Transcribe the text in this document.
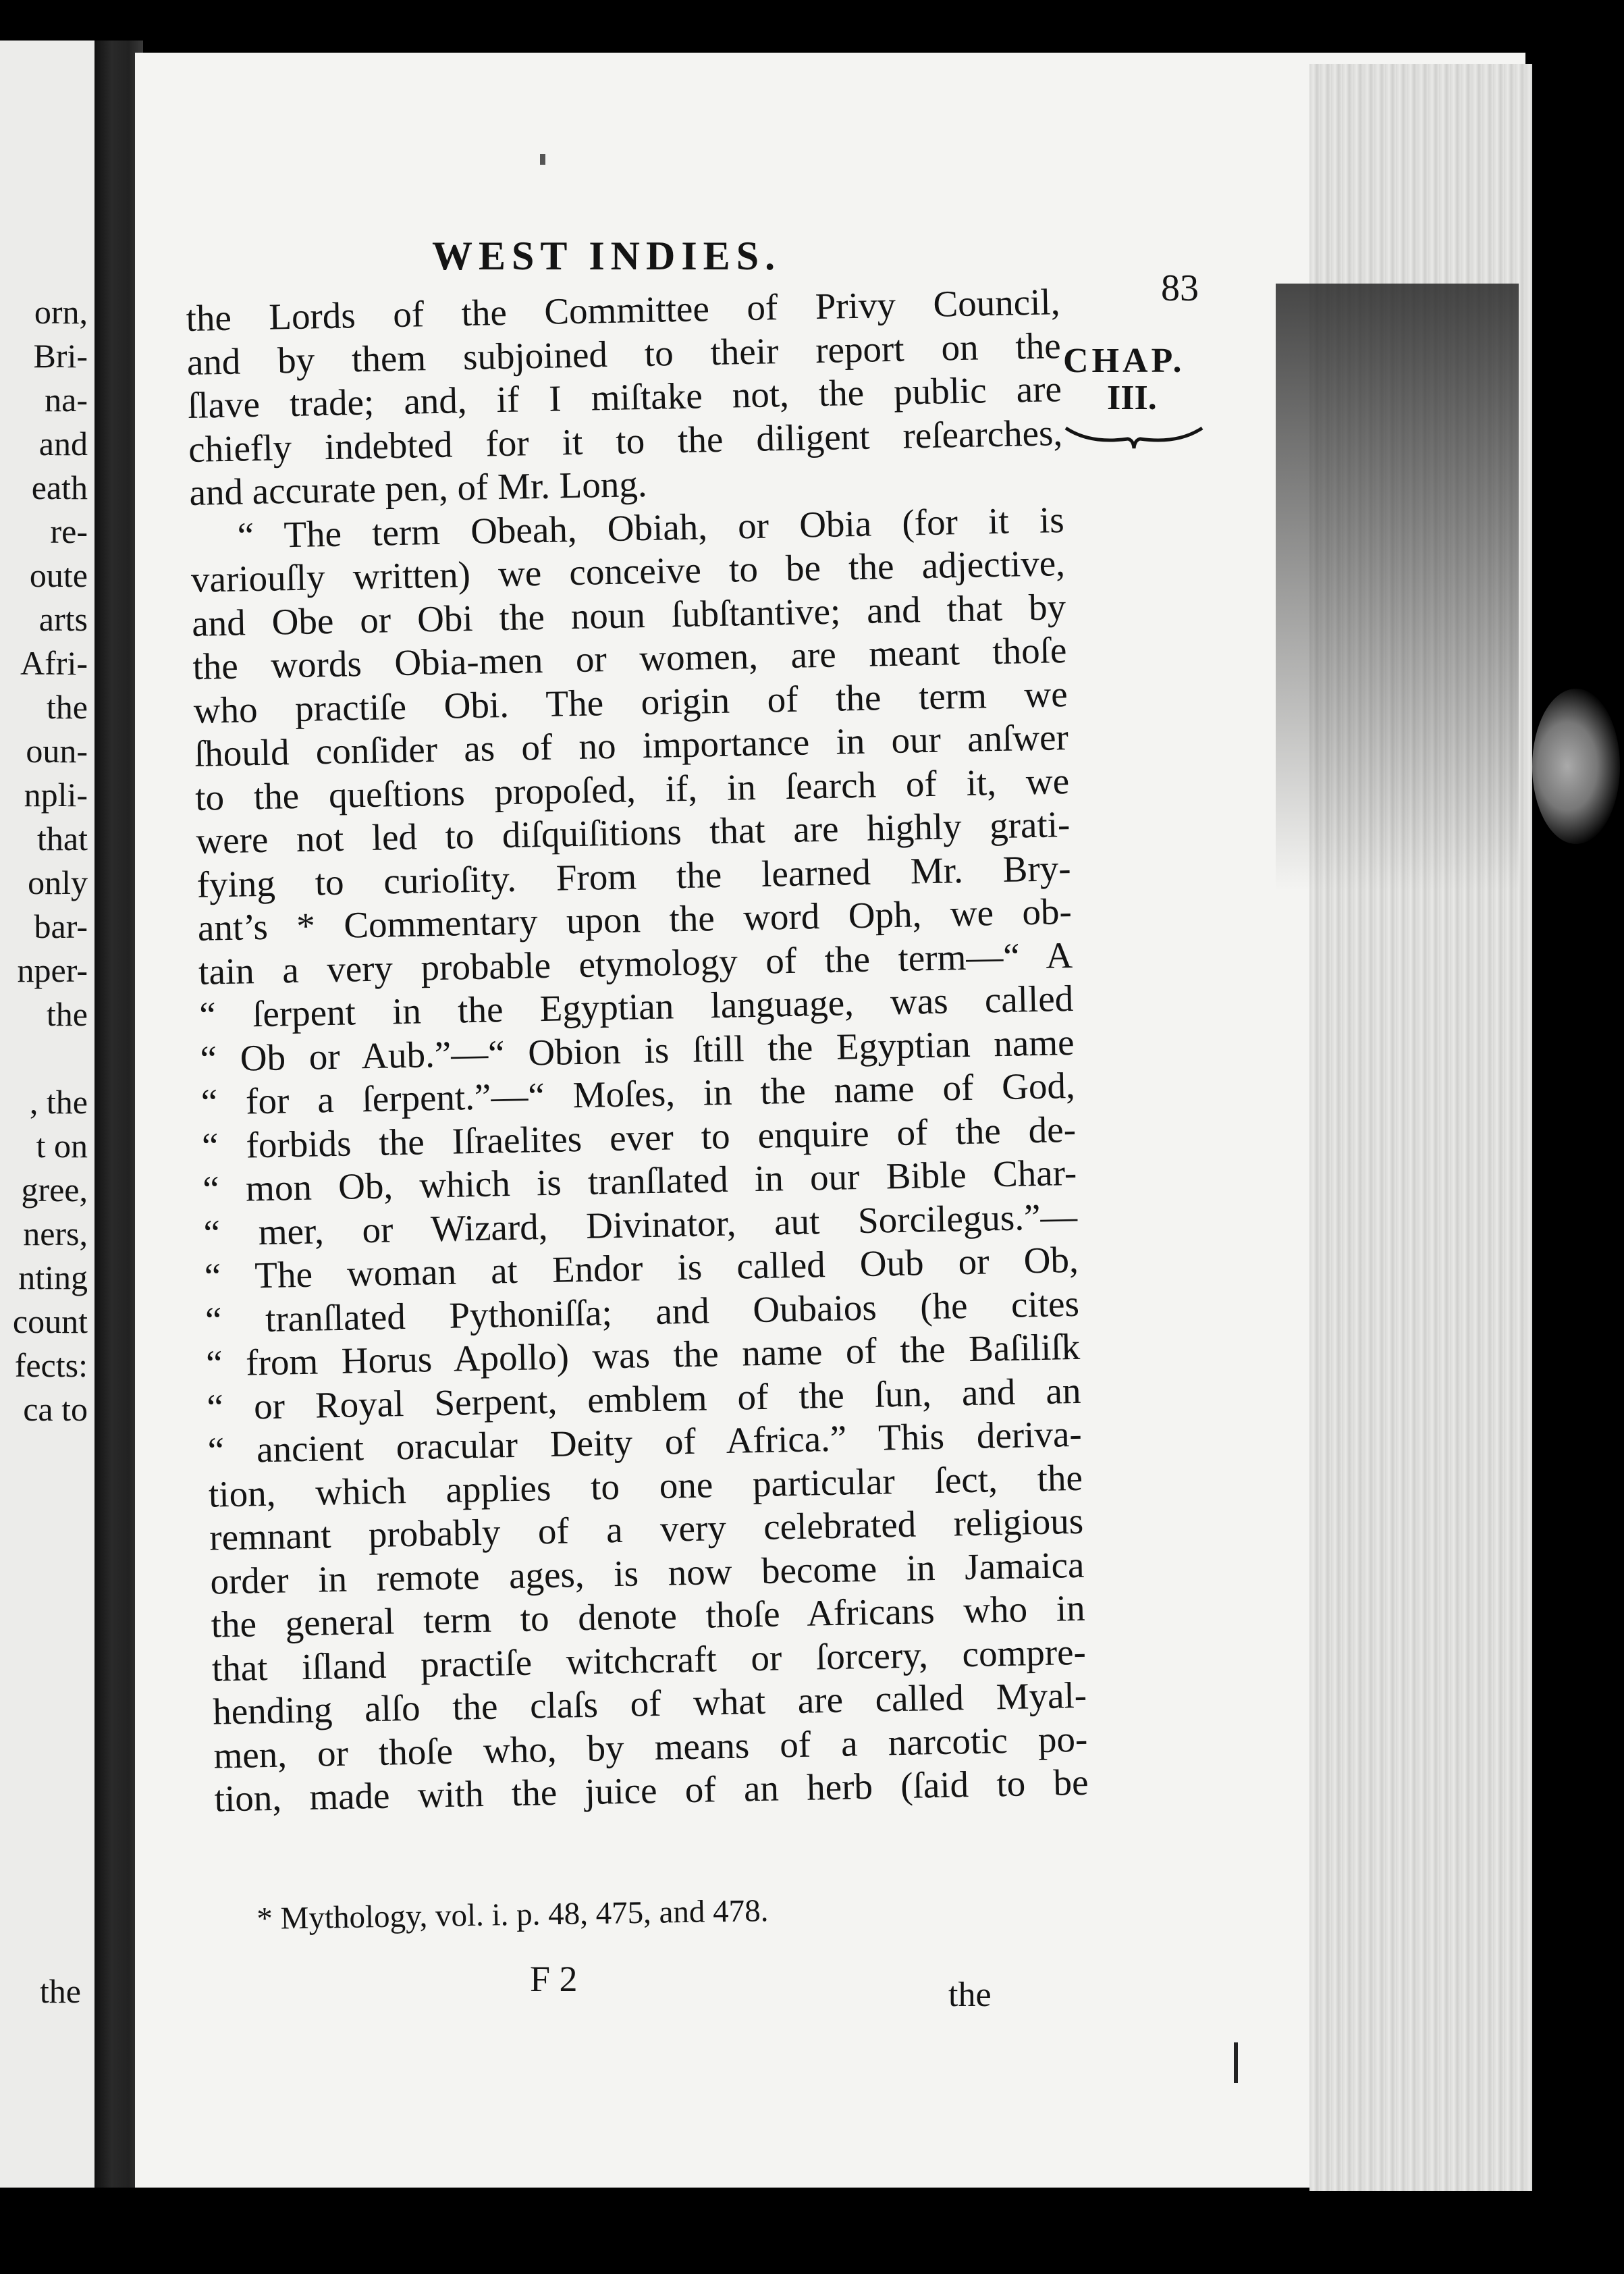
orn,
Bri-
na-
and
eath
re-
oute
arts
Afri-
the
oun-
npli-
that
only
bar-
nper-
the
, the
t on
gree,
ners,
nting
count
fects:
ca to
the
WEST INDIES.
83
CHAP.
III.
the Lords of the Committee of Privy Council,
and by them subjoined to their report on the
ſlave trade; and, if I miſtake not, the public are
chiefly indebted for it to the diligent reſearches,
and accurate pen, of Mr. Long.
“ The term Obeah, Obiah, or Obia (for it is
variouſly written) we conceive to be the adjective,
and Obe or Obi the noun ſubſtantive; and that by
the words Obia-men or women, are meant thoſe
who practiſe Obi. The origin of the term we
ſhould conſider as of no importance in our anſwer
to the queſtions propoſed, if, in ſearch of it, we
were not led to diſquiſitions that are highly grati-
fying to curioſity. From the learned Mr. Bry-
ant’s * Commentary upon the word Oph, we ob-
tain a very probable etymology of the term—“ A
“ ſerpent in the Egyptian language, was called
“ Ob or Aub.”—“ Obion is ſtill the Egyptian name
“ for a ſerpent.”—“ Moſes, in the name of God,
“ forbids the Iſraelites ever to enquire of the de-
“ mon Ob, which is tranſlated in our Bible Char-
“ mer, or Wizard, Divinator, aut Sorcilegus.”—
“ The woman at Endor is called Oub or Ob,
“ tranſlated Pythoniſſa; and Oubaios (he cites
“ from Horus Apollo) was the name of the Baſiliſk
“ or Royal Serpent, emblem of the ſun, and an
“ ancient oracular Deity of Africa.” This deriva-
tion, which applies to one particular ſect, the
remnant probably of a very celebrated religious
order in remote ages, is now become in Jamaica
the general term to denote thoſe Africans who in
that iſland practiſe witchcraft or ſorcery, compre-
hending alſo the claſs of what are called Myal-
men, or thoſe who, by means of a narcotic po-
tion, made with the juice of an herb (ſaid to be
* Mythology, vol. i. p. 48, 475, and 478.
F 2	the
